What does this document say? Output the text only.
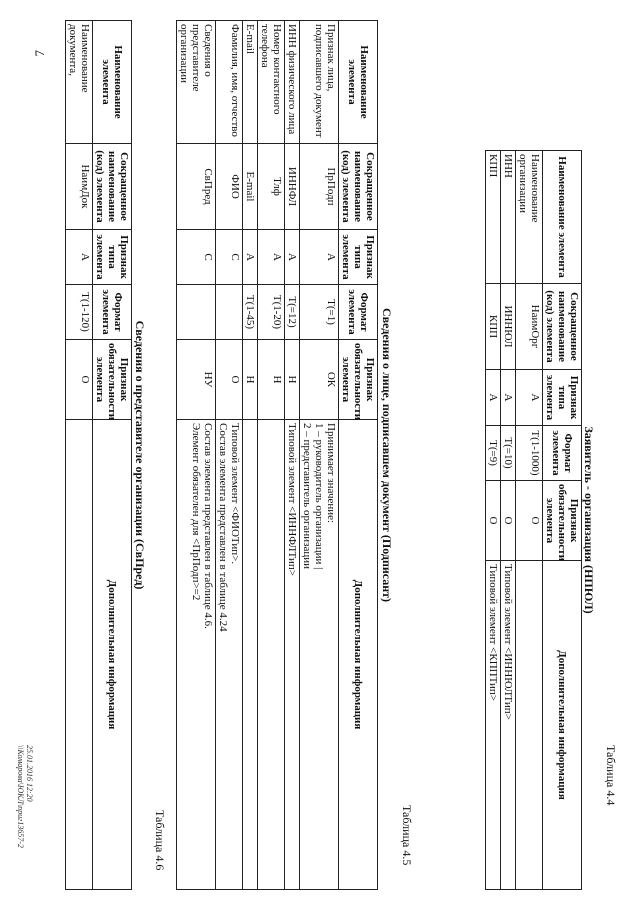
7
Таблица 4.4
Заявитель - организация (НПЮЛ)
Наименование элемента	Сокращенное наименование (код) элемента	Признак типа элемента	Формат элемента	Признак обязательности элемента	Дополнительная информация
Наименование организации	НаимОрг	А	T(1-1000)	О	
ИНН	ИННЮЛ	А	T(=10)	О	Типовой элемент <ИННЮЛТип>
КПП	КПП	А	T(=9)	О	Типовой элемент <КППТип>
Таблица 4.5
Сведения о лице, подписавшем документ (Подписант)
Наименование элемента	Сокращенное наименование (код) элемента	Признак типа элемента	Формат элемента	Признак обязательности элемента	Дополнительная информация
Признак лица, подписавшего документ	ПрПодп	А	T(=1)	ОК	Принимает значение:
1 – руководитель организации |
2 – представитель организации
ИНН физического лица	ИННФЛ	А	T(=12)	Н	Типовой элемент <ИННФЛТип>
Номер контактного телефона	Тлф	А	T(1-20)	Н	
E-mail	E-mail	А	T(1-45)	Н	
Фамилия, имя, отчество	ФИО	С		О	Типовой элемент <ФИОТип>.
Состав элемента представлен в таблице 4.24
Сведения о представителе организации	СвПред	С		НУ	Состав элемента представлен в таблице 4.6.
Элемент обязателен для <ПрПодп>=2
Таблица 4.6
Сведения о представителе организации (СвПред)
Наименование элемента	Сокращенное наименование (код) элемента	Признак типа элемента	Формат элемента	Признак обязательности элемента	Дополнительная информация
Наименование документа,	НаимДок	А	T(1-120)	О	
25.01.2016 12:20
\\Комарова\ЮКЛ\приг13657-2
